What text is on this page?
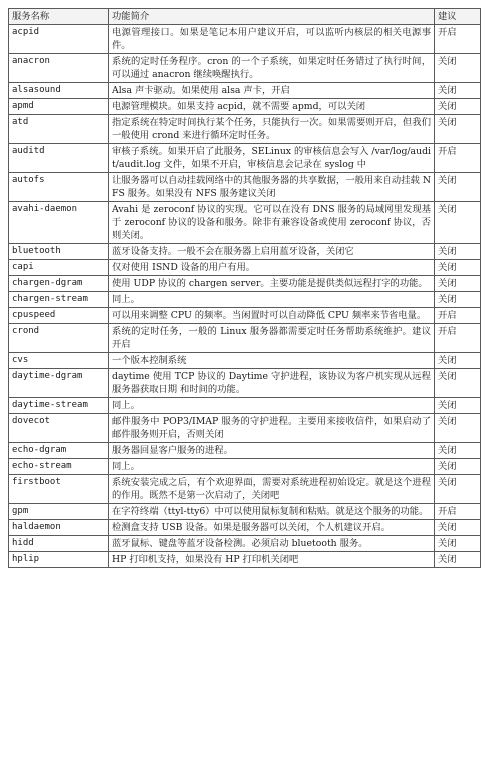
服务名称	功能简介	建议
acpid	电源管理接口。如果是笔记本用户建议开启，可以监听内核层的相关电源事件。	开启
anacron	系统的定时任务程序。cron 的一个子系统，如果定时任务错过了执行时间，可以通过 anacron 继续唤醒执行。	关闭
alsasound	Alsa 声卡驱动。如果使用 alsa 声卡，开启	关闭
apmd	电源管理模块。如果支持 acpid，就不需要 apmd，可以关闭	关闭
atd	指定系统在特定时间执行某个任务，只能执行一次。如果需要则开启，但我们一般使用 crond 来进行循环定时任务。	关闭
auditd	审核子系统。如果开启了此服务，SELinux 的审核信息会写入 /var/log/audit/audit.log 文件，如果不开启，审核信息会记录在 syslog 中	开启
autofs	让服务器可以自动挂载网络中的其他服务器的共享数据，一般用来自动挂载 NFS 服务。如果没有 NFS 服务建议关闭	关闭
avahi-daemon	Avahi 是 zeroconf 协议的实现。它可以在没有 DNS 服务的局域网里发现基于 zeroconf 协议的设备和服务。除非有兼容设备或使用 zeroconf 协议，否则关闭。	关闭
bluetooth	蓝牙设备支持。一般不会在服务器上启用蓝牙设备，关闭它	关闭
capi	仅对使用 ISND 设备的用户有用。	关闭
chargen-dgram	使用 UDP 协议的 chargen server。主要功能是提供类似远程打字的功能。	关闭
chargen-stream	同上。	关闭
cpuspeed	可以用来调整 CPU 的频率。当闲置时可以自动降低 CPU 频率来节省电量。	开启
crond	系统的定时任务，一般的 Linux 服务器都需要定时任务帮助系统维护。建议开启	开启
cvs	一个版本控制系统	关闭
daytime-dgram	daytime 使用 TCP 协议的 Daytime 守护进程，该协议为客户机实现从远程服务器获取日期 和时间的功能。	关闭
daytime-stream	同上。	关闭
dovecot	邮件服务中 POP3/IMAP 服务的守护进程。主要用来接收信件，如果启动了邮件服务则开启，否则关闭	关闭
echo-dgram	服务器回显客户服务的进程。	关闭
echo-stream	同上。	关闭
firstboot	系统安装完成之后，有个欢迎界面，需要对系统进程初始设定。就是这个进程的作用。既然不是第一次启动了，关闭吧	关闭
gpm	在字符终端（ttyl-tty6）中可以使用鼠标复制和粘贴。就是这个服务的功能。	开启
haldaemon	检测盒支持 USB 设备。如果是服务器可以关闭，个人机建议开启。	关闭
hidd	蓝牙鼠标、键盘等蓝牙设备检测。必须启动 bluetooth 服务。	关闭
hplip	HP 打印机支持，如果没有 HP 打印机关闭吧	关闭
